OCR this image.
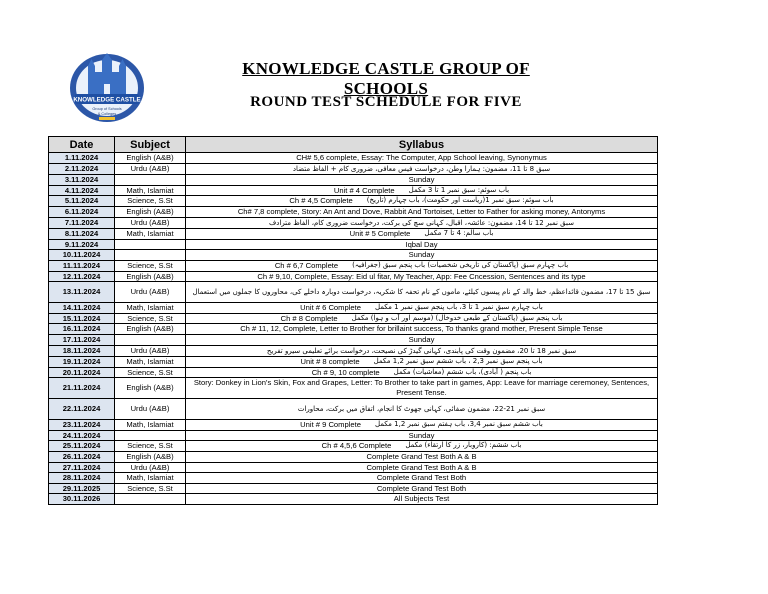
KNOWLEDGE CASTLE
Group of Schools
& Colleges
KNOWLEDGE CASTLE GROUP OF SCHOOLS
ROUND TEST SCHEDULE FOR FIVE
Date	Subject	Syllabus
1.11.2024	English (A&B)	CH# 5,6 complete, Essay: The Computer, App School leaving, Synonymus
2.11.2024	Urdu (A&B)	سبق 8 تا 11، مضمون: ہمارا وطن، درخواست فیس معافی، ضروری کام + الفاظ متضاد
3.11.2024		Sunday
4.11.2024	Math, Islamiat	Unit # 4 Complete باب سوئم: سبق نمبر 1 تا 3 مکمل

5.11.2024	Science, S.St	Ch # 4,5 Complete باب سوئم: سبق نمبر 1(ریاست اور حکومت)، باب چہارم (تاریخ)

6.11.2024	English (A&B)	Ch# 7,8 complete, Story: An Ant and Dove, Rabbit And Tortoiset, Letter to Father for asking money, Antonyms
7.11.2024	Urdu (A&B)	سبق نمبر 12 تا 14، مضمون: عائشہ، اقبال، کہانی سچ کی برکت، درخواست ضروری کام، الفاظ مترادف
8.11.2024	Math, Islamiat	Unit # 5 Complete باب سالم: 4 تا 7 مکمل

9.11.2024		Iqbal Day
10.11.2024		Sunday
11.11.2024	Science, S.St	Ch # 6,7 Complete باب چہارم سبق (پاکستان کی تاریخی شخصیات) باب پنجم سبق (جغرافیہ)

12.11.2024	English (A&B)	Ch # 9,10, Complete, Essay: Eid ul fitar, My Teacher, App: Fee Cncession, Sentences and its type
13.11.2024	Urdu (A&B)	سبق 15 تا 17، مضمون قائداعظم، خط والد کے نام پیسوں کیلئے، ماموں کے نام تحفہ کا شکریہ، درخواست دوبارہ داخلے کی، محاوروں کا جملوں میں استعمال
14.11.2024	Math, Islamiat	Unit # 6 Complete باب چہارم سبق نمبر 1 تا 3، باب پنجم سبق نمبر 1 مکمل

15.11.2024	Science, S.St	Ch # 8 Complete باب پنجم سبق (پاکستان کے طبعی خدوخال) (موسم اور آب و ہوا) مکمل

16.11.2024	English (A&B)	Ch # 11, 12, Complete, Letter to Brother for brillaint success, To thanks grand mother, Present Simple Tense
17.11.2024		Sunday
18.11.2024	Urdu (A&B)	سبق نمبر 18 تا 20، مضمون وقت کی پابندی، کہانی گیدڑ کی نصیحت، درخواست برائے تعلیمی سیرو تفریح
19.11.2024	Math, Islamiat	Unit # 8 complete باب پنجم سبق نمبر 2,3 ، باب ششم سبق نمبر 1,2 مکمل

20.11.2024	Science, S.St	Ch # 9, 10 complete باب پنجم ( آبادی)، باب ششم (معاشیات) مکمل

21.11.2024	English (A&B)	Story: Donkey in Lion's Skin, Fox and Grapes, Letter: To Brother to take part in games, App: Leave for marriage ceremoney, Sentences, Present Tense.
22.11.2024	Urdu (A&B)	سبق نمبر 21-22، مضمون صفائی، کہانی جھوٹ کا انجام، اتفاق میں برکت، محاورات
23.11.2024	Math, Islamiat	Unit # 9 Complete باب ششم سبق نمبر 3,4، باب ہفتم سبق نمبر 1,2 مکمل

24.11.2024		Sunday
25.11.2024	Science, S.St	Ch # 4,5,6 Complete باب ششم: (کاروبار، زر کا ارتقاء) مکمل

26.11.2024	English (A&B)	Complete Grand Test Both A & B
27.11.2024	Urdu (A&B)	Complete Grand Test Both A & B
28.11.2024	Math, Islamiat	Complete Grand Test Both
29.11.2025	Science, S.St	Complete Grand Test Both
30.11.2026		All Subjects Test
